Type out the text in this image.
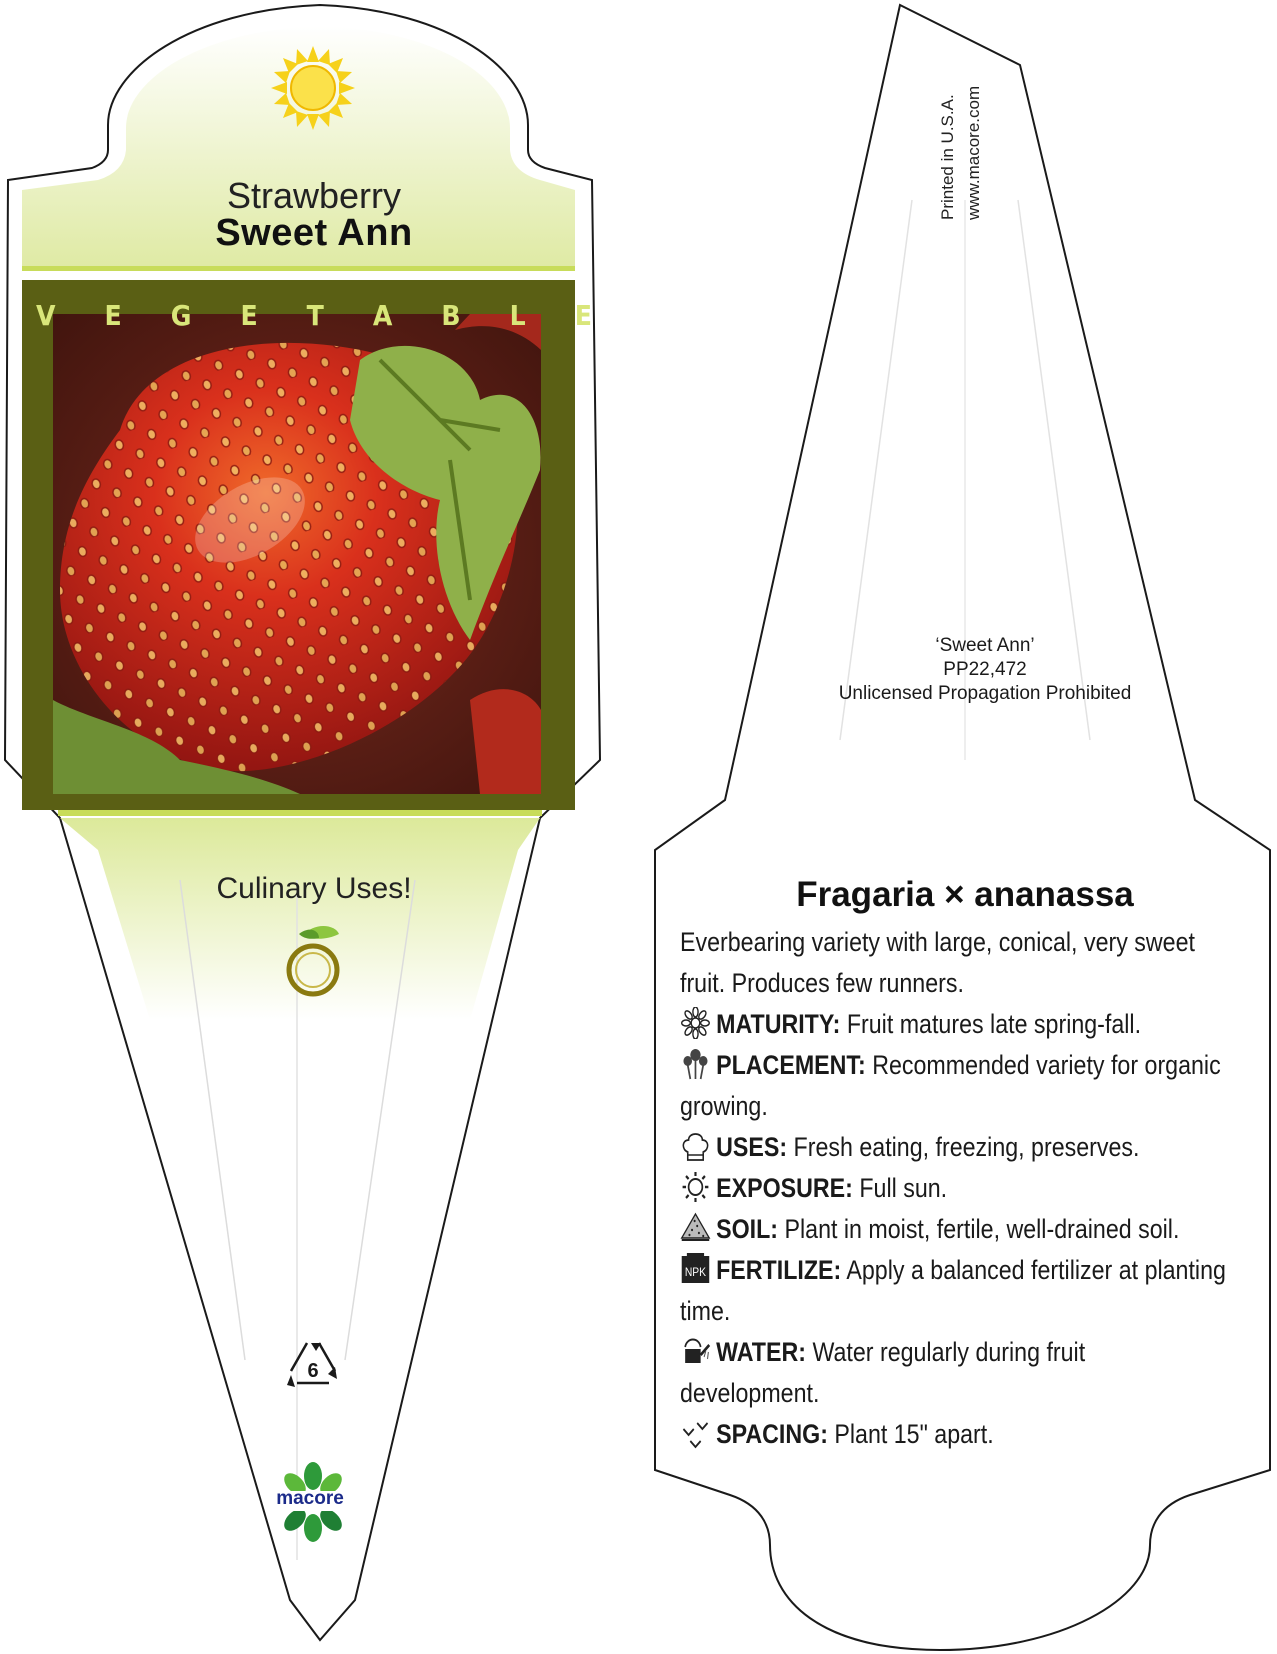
Strawberry
Sweet Ann
V E G E T A B L E
Culinary Uses!
6
macore
Printed in U.S.A. www.macore.com
‘Sweet Ann’
PP22,472
Unlicensed Propagation Prohibited
Fragaria × ananassa

Everbearing variety with large, conical, very sweet fruit. Produces few runners.

MATURITY: Fruit matures late spring-fall.

PLACEMENT: Recommended variety for organic growing.

USES: Fresh eating, freezing, preserves.

EXPOSURE: Full sun.

SOIL: Plant in moist, fertile, well-drained soil.

NPK FERTILIZE: Apply a balanced fertilizer at planting time.

WATER: Water regularly during fruit development.

SPACING: Plant 15" apart.
